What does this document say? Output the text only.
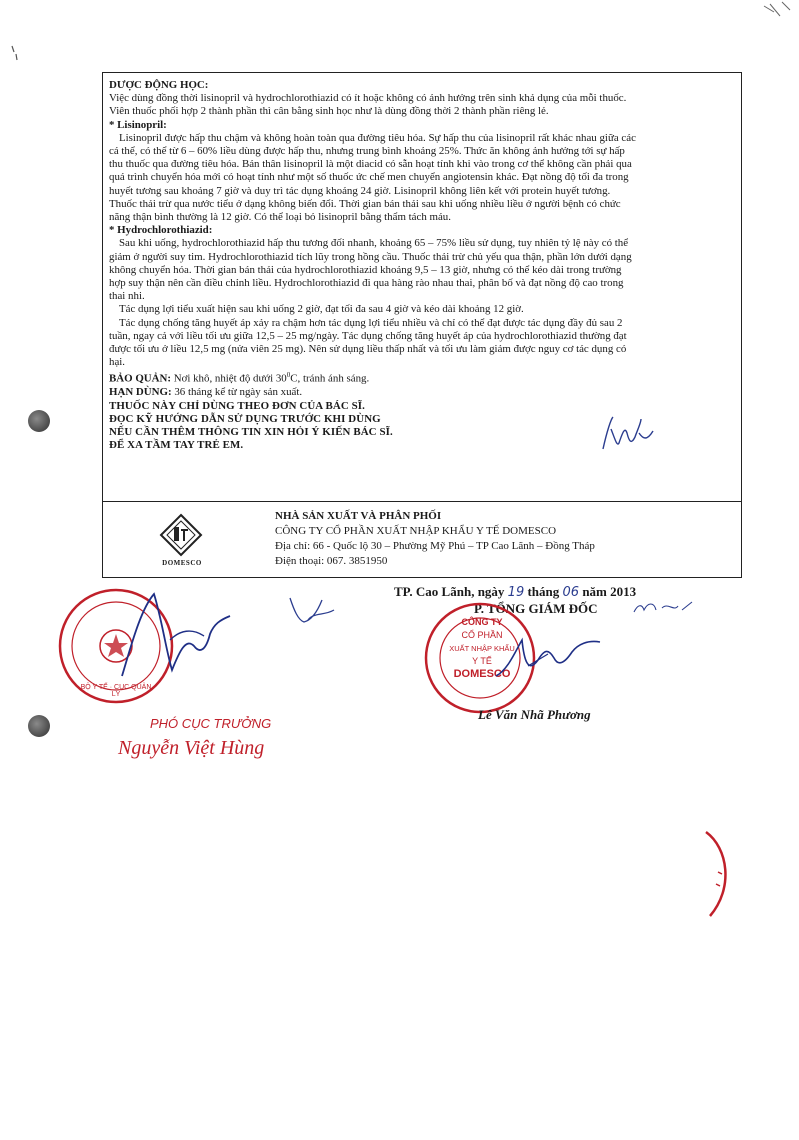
DƯỢC ĐỘNG HỌC:

Việc dùng đồng thời lisinopril và hydrochlorothiazid có ít hoặc không có ảnh hưởng trên sinh khả dụng của mỗi thuốc.

Viên thuốc phối hợp 2 thành phần thì cân bằng sinh học như là dùng đồng thời 2 thành phần riêng lẻ.

* Lisinopril:

Lisinopril được hấp thu chậm và không hoàn toàn qua đường tiêu hóa. Sự hấp thu của lisinopril rất khác nhau giữa các

cá thể, có thể từ 6 – 60% liều dùng được hấp thu, nhưng trung bình khoảng 25%. Thức ăn không ảnh hưởng tới sự hấp

thu thuốc qua đường tiêu hóa. Bản thân lisinopril là một diacid có sẵn hoạt tính khi vào trong cơ thể không cần phải qua

quá trình chuyển hóa mới có hoạt tính như một số thuốc ức chế men chuyển angiotensin khác. Đạt nồng độ tối đa trong

huyết tương sau khoảng 7 giờ và duy trì tác dụng khoảng 24 giờ. Lisinopril không liên kết với protein huyết tương.

Thuốc thải trừ qua nước tiểu ở dạng không biến đổi. Thời gian bán thải sau khi uống nhiều liều ở người bệnh có chức

năng thận bình thường là 12 giờ. Có thể loại bỏ lisinopril bằng thẩm tách máu.

* Hydrochlorothiazid:

Sau khi uống, hydrochlorothiazid hấp thu tương đối nhanh, khoảng 65 – 75% liều sử dụng, tuy nhiên tỷ lệ này có thể

giảm ở người suy tim. Hydrochlorothiazid tích lũy trong hồng cầu. Thuốc thải trừ chủ yếu qua thận, phần lớn dưới dạng

không chuyển hóa. Thời gian bán thải của hydrochlorothiazid khoảng 9,5 – 13 giờ, nhưng có thể kéo dài trong trường

hợp suy thận nên cần điều chỉnh liều. Hydrochlorothiazid đi qua hàng rào nhau thai, phân bố và đạt nồng độ cao trong

thai nhi.

Tác dụng lợi tiểu xuất hiện sau khi uống 2 giờ, đạt tối đa sau 4 giờ và kéo dài khoảng 12 giờ.

Tác dụng chống tăng huyết áp xảy ra chậm hơn tác dụng lợi tiểu nhiều và chỉ có thể đạt được tác dụng đầy đủ sau 2

tuần, ngay cả với liều tối ưu giữa 12,5 – 25 mg/ngày. Tác dụng chống tăng huyết áp của hydrochlorothiazid thường đạt

được tối ưu ở liều 12,5 mg (nửa viên 25 mg). Nên sử dụng liều thấp nhất và tối ưu làm giảm được nguy cơ tác dụng có

hại.

BẢO QUẢN: Nơi khô, nhiệt độ dưới $30^0C$, tránh ánh sáng.

HẠN DÙNG: 36 tháng kể từ ngày sản xuất.

THUỐC NÀY CHỈ DÙNG THEO ĐƠN CỦA BÁC SĨ.

ĐỌC KỸ HƯỚNG DẪN SỬ DỤNG TRƯỚC KHI DÙNG

NẾU CẦN THÊM THÔNG TIN XIN HỎI Ý KIẾN BÁC SĨ.

ĐỂ XA TẦM TAY TRẺ EM.

DOMESCO
NHÀ SẢN XUẤT VÀ PHÂN PHỐI
CÔNG TY CỔ PHẦN XUẤT NHẬP KHẨU Y TẾ DOMESCO
Địa chỉ: 66 - Quốc lộ 30 – Phường Mỹ Phú – TP Cao Lãnh – Đồng Tháp
Điện thoại: 067. 3851950
TP. Cao Lãnh, ngày 19 tháng 06 năm 2013
P. TỔNG GIÁM ĐỐC
CÔNG TY
CỔ PHẦN
XUẤT NHẬP KHẨU
Y TẾ
DOMESCO
Lê Văn Nhã Phương
BỘ Y TẾ · CỤC QUẢN LÝ
PHÓ CỤC TRƯỞNG
Nguyễn Việt Hùng
